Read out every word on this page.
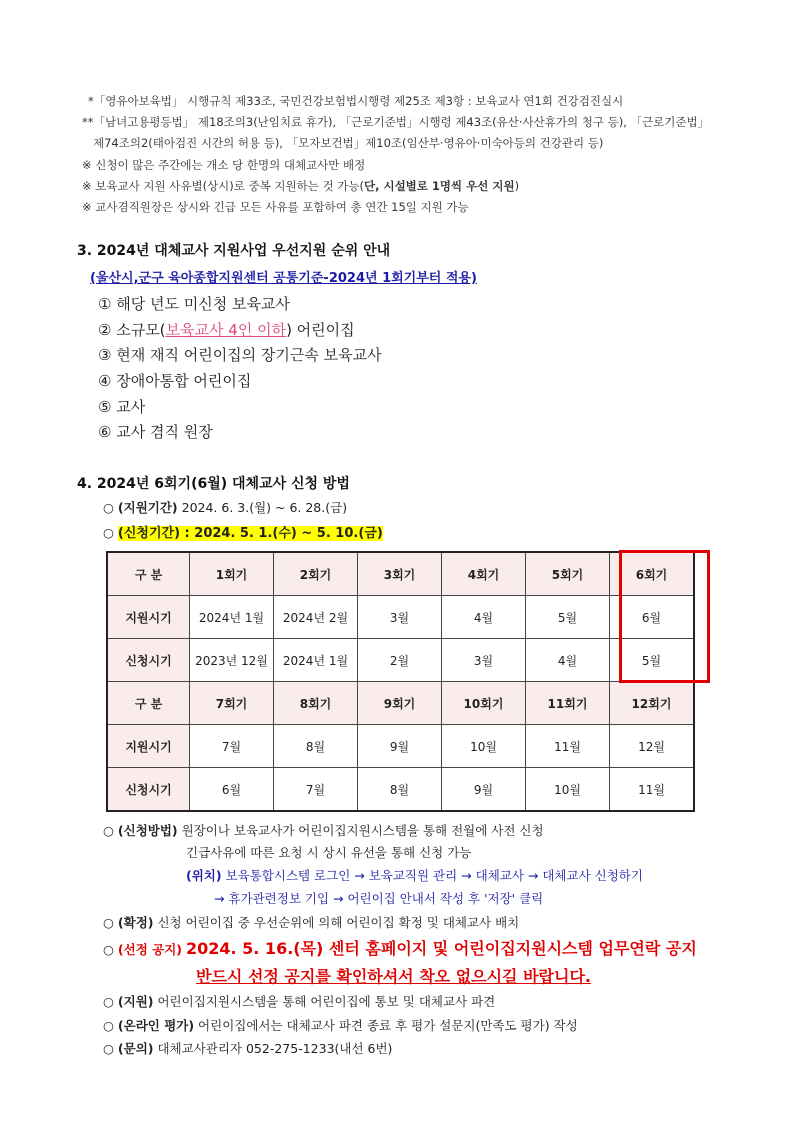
*「영유아보육법」 시행규칙 제33조, 국민건강보험법시행령 제25조 제3항 : 보육교사 연1회 건강검진실시
**「남녀고용평등법」 제18조의3(난임치료 휴가), 「근로기준법」시행령 제43조(유산·사산휴가의 청구 등), 「근로기준법」
제74조의2(태아검진 시간의 허용 등), 「모자보건법」제10조(임산부·영유아·미숙아등의 건강관리 등)
※ 신청이 많은 주간에는 개소 당 한명의 대체교사만 배정
※ 보육교사 지원 사유별(상시)로 중복 지원하는 것 가능(단, 시설별로 1명씩 우선 지원)
※ 교사겸직원장은 상시와 긴급 모든 사유를 포함하여 총 연간 15일 지원 가능
3. 2024년 대체교사 지원사업 우선지원 순위 안내
(울산시,군구 육아종합지원센터 공통기준-2024년 1회기부터 적용)
① 해당 년도 미신청 보육교사
② 소규모(보육교사 4인 이하) 어린이집
③ 현재 재직 어린이집의 장기근속 보육교사
④ 장애아통합 어린이집
⑤ 교사
⑥ 교사 겸직 원장
4. 2024년 6회기(6월) 대체교사 신청 방법
○ (지원기간) 2024. 6. 3.(월) ~ 6. 28.(금)
○ (신청기간) : 2024. 5. 1.(수) ~ 5. 10.(금)
구 분	1회기	2회기	3회기	4회기	5회기	6회기
지원시기	2024년 1월	2024년 2월	3월	4월	5월	6월
신청시기	2023년 12월	2024년 1월	2월	3월	4월	5월
구 분	7회기	8회기	9회기	10회기	11회기	12회기
지원시기	7월	8월	9월	10월	11월	12월
신청시기	6월	7월	8월	9월	10월	11월
○ (신청방법) 원장이나 보육교사가 어린이집지원시스템을 통해 전월에 사전 신청
긴급사유에 따른 요청 시 상시 유선을 통해 신청 가능
(위치) 보육통합시스템 로그인 → 보육교직원 관리 → 대체교사 → 대체교사 신청하기
→ 휴가관련정보 기입 → 어린이집 안내서 작성 후 '저장' 클릭
○ (확정) 신청 어린이집 중 우선순위에 의해 어린이집 확정 및 대체교사 배치
○ (선정 공지) 2024. 5. 16.(목) 센터 홈페이지 및 어린이집지원시스템 업무연락 공지
반드시 선정 공지를 확인하셔서 착오 없으시길 바랍니다.
○ (지원) 어린이집지원시스템을 통해 어린이집에 통보 및 대체교사 파견
○ (온라인 평가) 어린이집에서는 대체교사 파견 종료 후 평가 설문지(만족도 평가) 작성
○ (문의) 대체교사관리자 052-275-1233(내선 6번)
